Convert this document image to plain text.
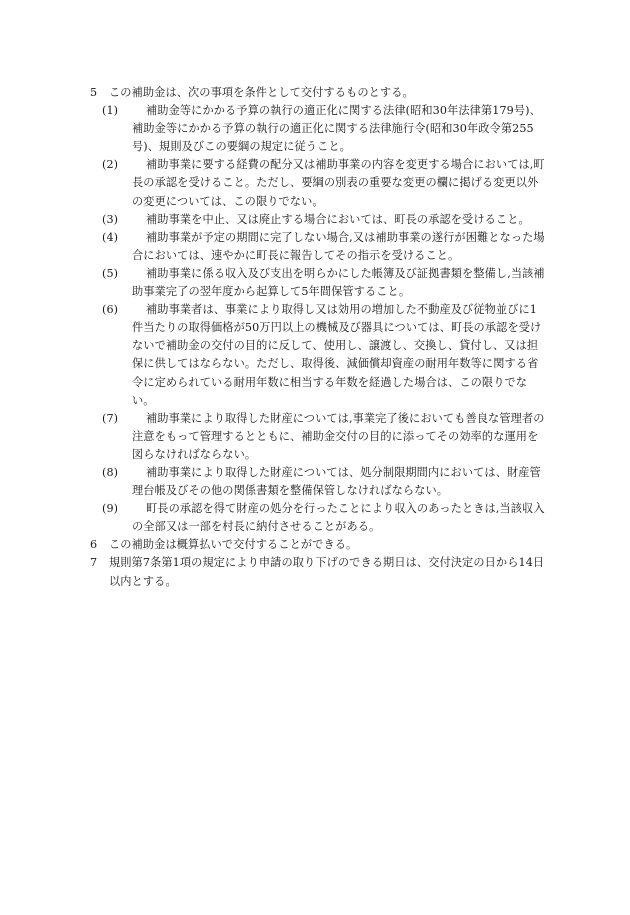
5	この補助金は、次の事項を条件として交付するものとする。
(1)	補助金等にかかる予算の執行の適正化に関する法律(昭和30年法律第179号)、補助金等にかかる予算の執行の適正化に関する法律施行令(昭和30年政令第255号)、規則及びこの要綱の規定に従うこと。
(2)	補助事業に要する経費の配分又は補助事業の内容を変更する場合においては,町長の承認を受けること。ただし、要綱の別表の重要な変更の欄に掲げる変更以外の変更については、この限りでない。
(3)	補助事業を中止、又は廃止する場合においては、町長の承認を受けること。
(4)	補助事業が予定の期間に完了しない場合,又は補助事業の遂行が困難となった場合においては、速やかに町長に報告してその指示を受けること。
(5)	補助事業に係る収入及び支出を明らかにした帳簿及び証拠書類を整備し,当該補助事業完了の翌年度から起算して5年間保管すること。
(6)	補助事業者は、事業により取得し又は効用の増加した不動産及び従物並びに1件当たりの取得価格が50万円以上の機械及び器具については、町長の承認を受けないで補助金の交付の目的に反して、使用し、譲渡し、交換し、貸付し、又は担保に供してはならない。ただし、取得後、減価償却資産の耐用年数等に関する省令に定められている耐用年数に相当する年数を経過した場合は、この限りでない。
(7)	補助事業により取得した財産については,事業完了後においても善良な管理者の注意をもって管理するとともに、補助金交付の目的に添ってその効率的な運用を図らなければならない。
(8)	補助事業により取得した財産については、処分制限期間内においては、財産管理台帳及びその他の関係書類を整備保管しなければならない。
(9)	町長の承認を得て財産の処分を行ったことにより収入のあったときは,当該収入の全部又は一部を村長に納付させることがある。
6	この補助金は概算払いで交付することができる。
7	規則第7条第1項の規定により申請の取り下げのできる期日は、交付決定の日から14日以内とする。
